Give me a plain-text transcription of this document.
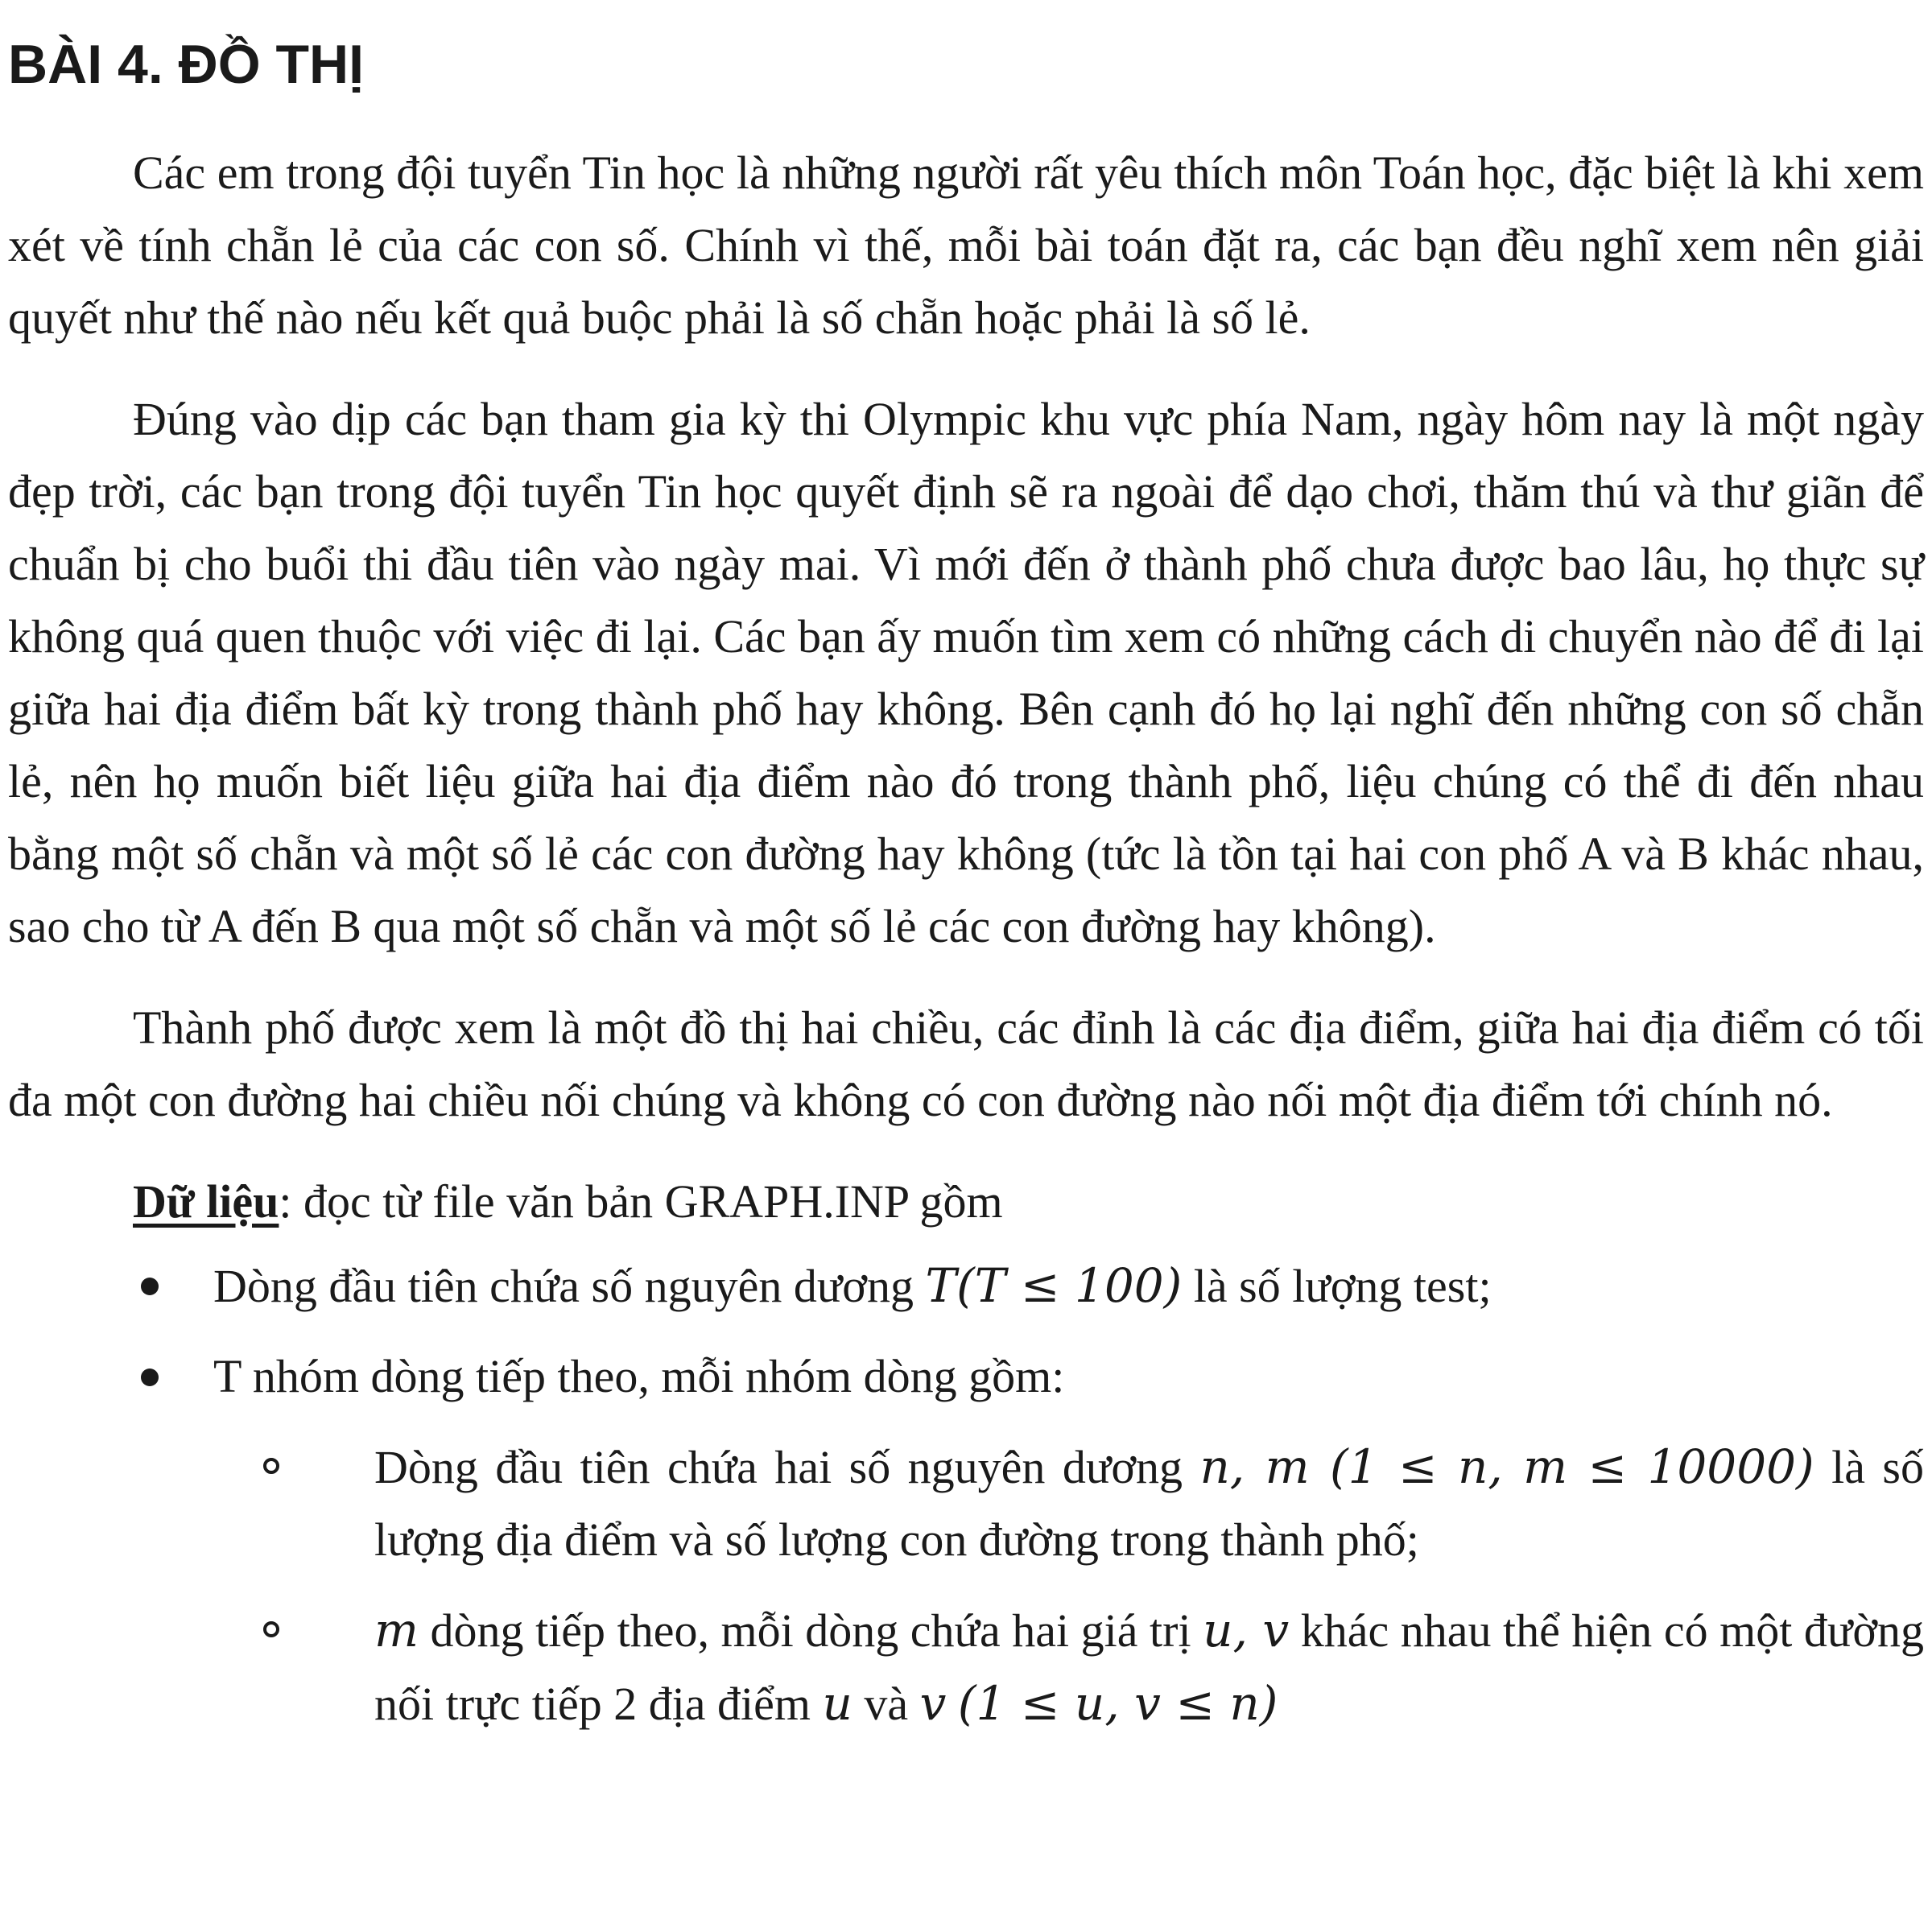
BÀI 4. ĐỒ THỊ

Các em trong đội tuyển Tin học là những người rất yêu thích môn Toán học, đặc biệt là khi xem xét về tính chẵn lẻ của các con số. Chính vì thế, mỗi bài toán đặt ra, các bạn đều nghĩ xem nên giải quyết như thế nào nếu kết quả buộc phải là số chẵn hoặc phải là số lẻ.

Đúng vào dịp các bạn tham gia kỳ thi Olympic khu vực phía Nam, ngày hôm nay là một ngày đẹp trời, các bạn trong đội tuyển Tin học quyết định sẽ ra ngoài để dạo chơi, thăm thú và thư giãn để chuẩn bị cho buổi thi đầu tiên vào ngày mai. Vì mới đến ở thành phố chưa được bao lâu, họ thực sự không quá quen thuộc với việc đi lại. Các bạn ấy muốn tìm xem có những cách di chuyển nào để đi lại giữa hai địa điểm bất kỳ trong thành phố hay không. Bên cạnh đó họ lại nghĩ đến những con số chẵn lẻ, nên họ muốn biết liệu giữa hai địa điểm nào đó trong thành phố, liệu chúng có thể đi đến nhau bằng một số chẵn và một số lẻ các con đường hay không (tức là tồn tại hai con phố A và B khác nhau, sao cho từ A đến B qua một số chẵn và một số lẻ các con đường hay không).

Thành phố được xem là một đồ thị hai chiều, các đỉnh là các địa điểm, giữa hai địa điểm có tối đa một con đường hai chiều nối chúng và không có con đường nào nối một địa điểm tới chính nó.

Dữ liệu: đọc từ file văn bản GRAPH.INP gồm
Dòng đầu tiên chứa số nguyên dương T(T ≤ 100) là số lượng test;
T nhóm dòng tiếp theo, mỗi nhóm dòng gồm:
Dòng đầu tiên chứa hai số nguyên dương n, m (1 ≤ n, m ≤ 10000) là số lượng địa điểm và số lượng con đường trong thành phố;
m dòng tiếp theo, mỗi dòng chứa hai giá trị u, v khác nhau thể hiện có một đường nối trực tiếp 2 địa điểm u và v (1 ≤ u, v ≤ n)
